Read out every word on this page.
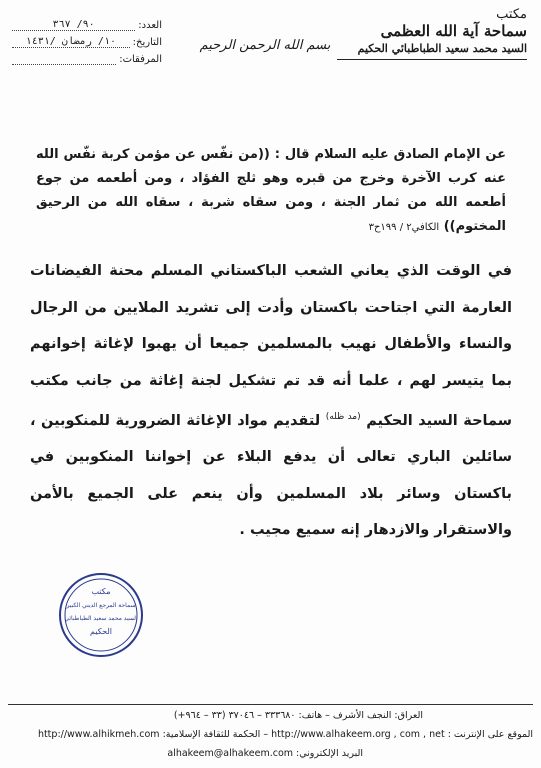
مكتب
سماحة آية الله العظمى
السيد محمد سعيد الطباطبائي الحكيم
بسم الله الرحمن الرحيم
العدد:
٩٠/ ٣٦٧
التاريخ:
١٠/ رمضان /١٤٣١
المرفقات:
عن الإمام الصادق عليه السلام قال : ((من نفّس عن مؤمن كربة نفّس الله عنه كرب الآخرة وخرج من قبره وهو ثلج الفؤاد ، ومن أطعمه من جوع أطعمه الله من ثمار الجنة ، ومن سقاه شربة ، سقاه الله من الرحيق المختوم)) الكافي٢ / ١٩٩ح٣
في الوقت الذي يعاني الشعب الباكستاني المسلم محنة الفيضانات العارمة التي اجتاحت باكستان وأدت إلى تشريد الملايين من الرجال والنساء والأطفال نهيب بالمسلمين جميعا أن يهبوا لإغاثة إخوانهم بما يتيسر لهم ، علما أنه قد تم تشكيل لجنة إغاثة من جانب مكتب سماحة السيد الحكيم $^{(مد ظله)}$ لتقديم مواد الإغاثة الضرورية للمنكوبين ، سائلين الباري تعالى أن يدفع البلاء عن إخواننا المنكوبين في باكستان وسائر بلاد المسلمين وأن ينعم على الجميع بالأمن والاستقرار والازدهار إنه سميع مجيب .
مكتب
سماحة المرجع الديني الكبير
السيد محمد سعيد الطباطبائي
الحكيم
العراق: النجف الأشرف – هاتف: ٣٣٣٦٨٠ – ٣٧٠٤٦ (٣٣ – ٩٦٤+)
الموقع على الإنترنت : http://www.alhakeem.org , com , net – الحكمة للثقافة الإسلامية: http://www.alhikmeh.com
البريد الإلكتروني: alhakeem@alhakeem.com
